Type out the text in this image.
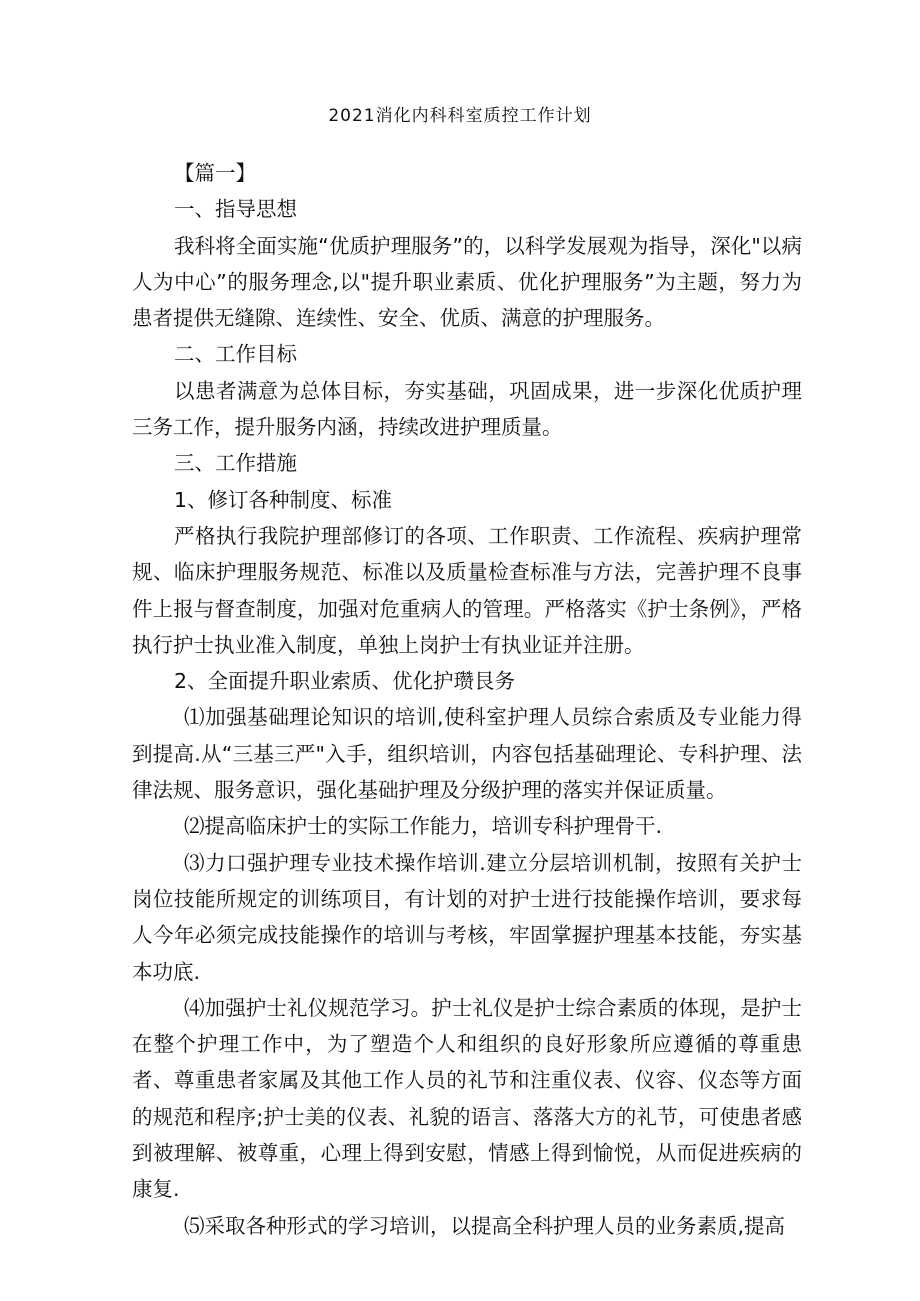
2021消化内科科室质控工作计划

【篇一】

一、指导思想

我科将全面实施“优质护理服务”的，以科学发展观为指导，深化"以病人为中心”的服务理念,以"提升职业素质、优化护理服务”为主题，努力为患者提供无缝隙、连续性、安全、优质、满意的护理服务。

二、工作目标

以患者满意为总体目标，夯实基础，巩固成果，进一步深化优质护理三务工作，提升服务内涵，持续改进护理质量。

三、工作措施

1、修订各种制度、标准

严格执行我院护理部修订的各项、工作职责、工作流程、疾病护理常规、临床护理服务规范、标准以及质量检查标准与方法，完善护理不良事件上报与督查制度，加强对危重病人的管理。严格落实《护士条例》，严格执行护士执业准入制度，单独上岗护士有执业证并注册。

2、全面提升职业索质、优化护瓒艮务

⑴加强基础理论知识的培训,使科室护理人员综合索质及专业能力得到提高.从“三基三严"入手，组织培训，内容包括基础理论、专科护理、法律法规、服务意识，强化基础护理及分级护理的落实并保证质量。

⑵提高临床护士的实际工作能力，培训专科护理骨干.

⑶力口强护理专业技术操作培训.建立分层培训机制，按照有关护士岗位技能所规定的训练项目，有计划的对护士进行技能操作培训，要求每人今年必须完成技能操作的培训与考核，牢固掌握护理基本技能，夯实基本功底.

⑷加强护士礼仪规范学习。护士礼仪是护士综合素质的体现，是护士在整个护理工作中，为了塑造个人和组织的良好形象所应遵循的尊重患者、尊重患者家属及其他工作人员的礼节和注重仪表、仪容、仪态等方面的规范和程序;护士美的仪表、礼貌的语言、落落大方的礼节，可使患者感到被理解、被尊重，心理上得到安慰，情感上得到愉悦，从而促进疾病的康复.

⑸采取各种形式的学习培训，以提高全科护理人员的业务素质,提高
